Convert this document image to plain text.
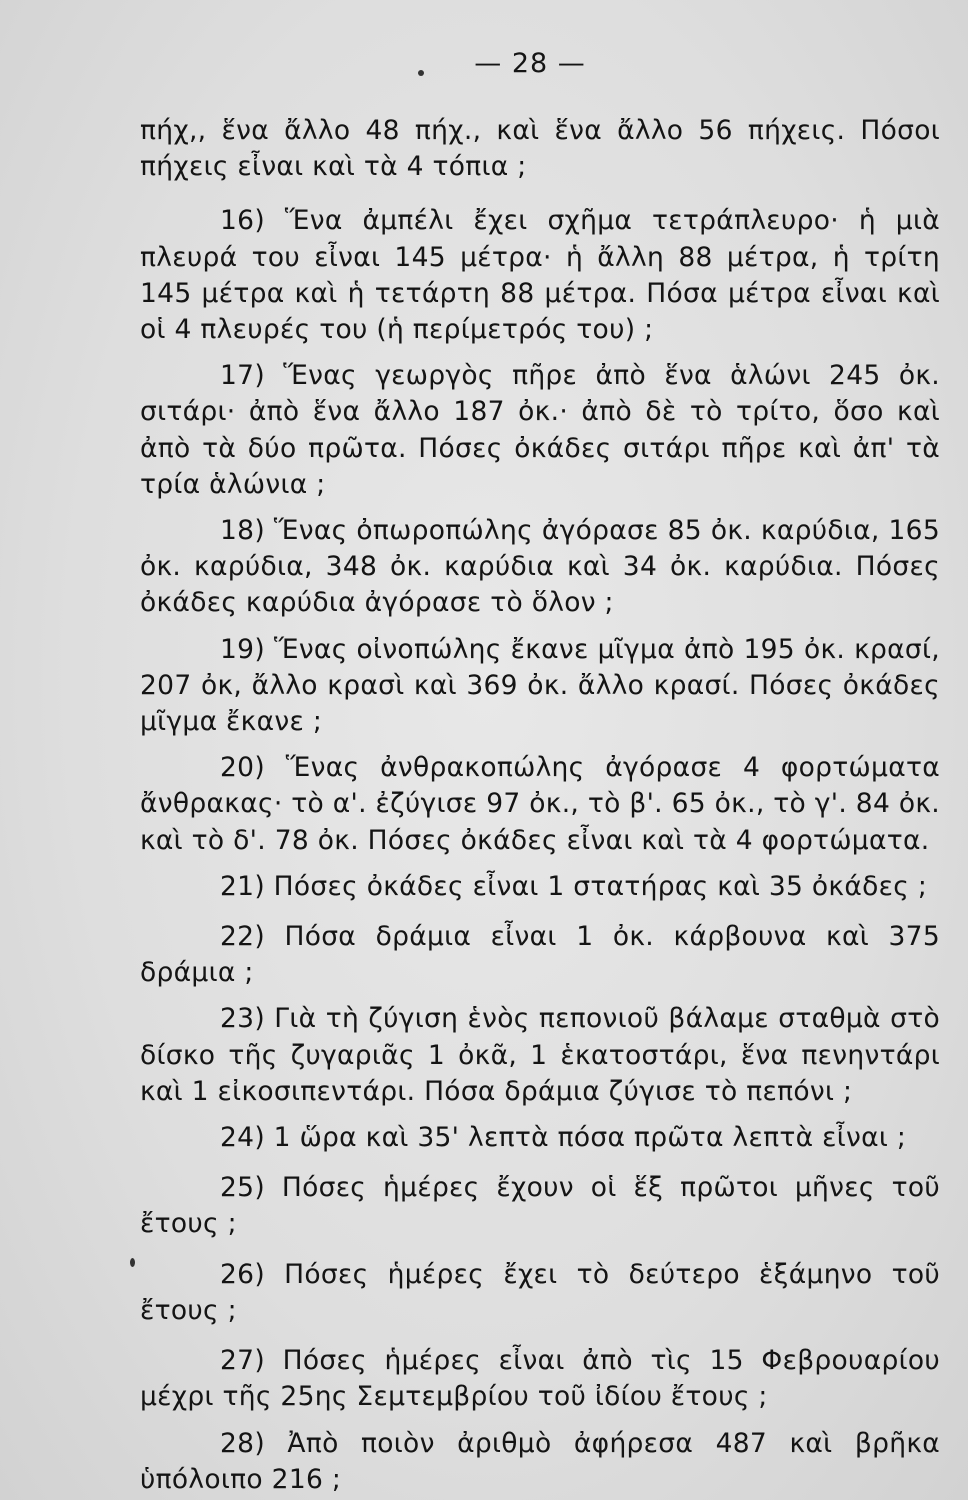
— 28 —

πήχ,, ἕνα ἄλλο 48 πήχ., καὶ ἕνα ἄλλο 56 πήχεις. Πόσοι πήχεις εἶναι καὶ τὰ 4 τόπια ;

16) Ἕνα ἀμπέλι ἔχει σχῆμα τετράπλευρο· ἡ μιὰ πλευρά του εἶναι 145 μέτρα· ἡ ἄλλη 88 μέτρα, ἡ τρίτη 145 μέτρα καὶ ἡ τετάρτη 88 μέτρα. Πόσα μέτρα εἶναι καὶ οἱ 4 πλευρές του (ἡ περίμετρός του) ;

17) Ἕνας γεωργὸς πῆρε ἀπὸ ἕνα ἁλώνι 245 ὀκ. σιτάρι· ἀπὸ ἕνα ἄλλο 187 ὀκ.· ἀπὸ δὲ τὸ τρίτο, ὅσο καὶ ἀπὸ τὰ δύο πρῶτα. Πόσες ὀκάδες σιτάρι πῆρε καὶ ἀπ' τὰ τρία ἁλώνια ;

18) Ἕνας ὀπωροπώλης ἀγόρασε 85 ὀκ. καρύδια, 165 ὀκ. καρύδια, 348 ὀκ. καρύδια καὶ 34 ὀκ. καρύδια. Πόσες ὀκάδες καρύδια ἀγόρασε τὸ ὅλον ;

19) Ἕνας οἰνοπώλης ἔκανε μῖγμα ἀπὸ 195 ὀκ. κρασί, 207 ὀκ, ἄλλο κρασὶ καὶ 369 ὀκ. ἄλλο κρασί. Πόσες ὀκάδες μῖγμα ἔκανε ;

20) Ἕνας ἀνθρακοπώλης ἀγόρασε 4 φορτώματα ἄνθρακας· τὸ α'. ἐζύγισε 97 ὀκ., τὸ β'. 65 ὀκ., τὸ γ'. 84 ὀκ. καὶ τὸ δ'. 78 ὀκ. Πόσες ὀκάδες εἶναι καὶ τὰ 4 φορτώματα.

21) Πόσες ὀκάδες εἶναι 1 στατήρας καὶ 35 ὀκάδες ;

22) Πόσα δράμια εἶναι 1 ὀκ. κάρβουνα καὶ 375 δράμια ;

23) Γιὰ τὴ ζύγιση ἑνὸς πεπονιοῦ βάλαμε σταθμὰ στὸ δίσκο τῆς ζυγαριᾶς 1 ὀκᾶ, 1 ἑκατοστάρι, ἕνα πενηντάρι καὶ 1 εἰκοσιπεντάρι. Πόσα δράμια ζύγισε τὸ πεπόνι ;

24) 1 ὥρα καὶ 35' λεπτὰ πόσα πρῶτα λεπτὰ εἶναι ;

25) Πόσες ἡμέρες ἔχουν οἱ ἕξ πρῶτοι μῆνες τοῦ ἔτους ;

26) Πόσες ἡμέρες ἔχει τὸ δεύτερο ἑξάμηνο τοῦ ἔτους ;

27) Πόσες ἡμέρες εἶναι ἀπὸ τὶς 15 Φεβρουαρίου μέχρι τῆς 25ης Σεμτεμβρίου τοῦ ἰδίου ἔτους ;

28) Ἀπὸ ποιὸν ἀριθμὸ ἀφήρεσα 487 καὶ βρῆκα ὑπόλοιπο 216 ;
